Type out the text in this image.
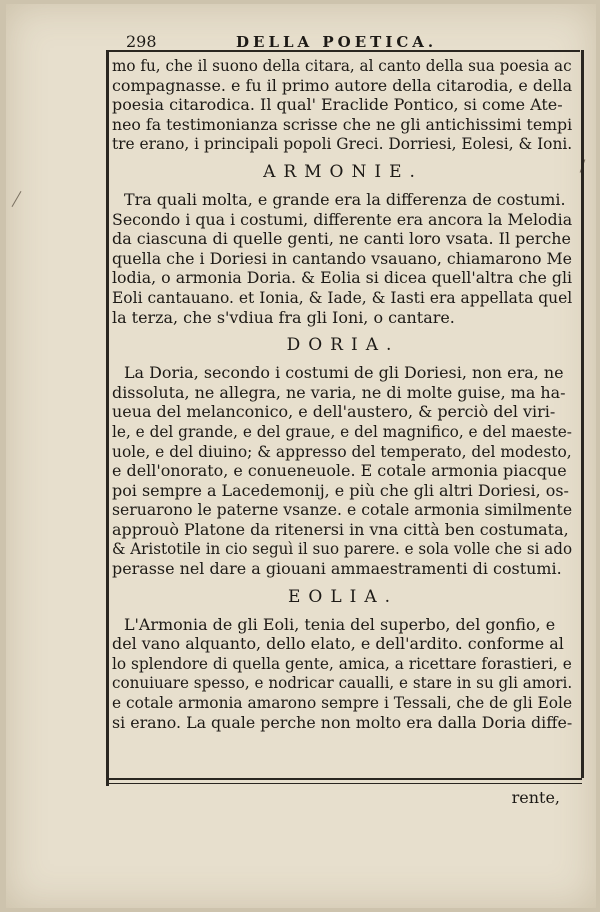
298	DELLA POETICA.
mo fu, che il suono della citara, al canto della sua poesia ac
compagnasse. e fu il primo autore della citarodia, e della
poesia citarodica. Il qual' Eraclide Pontico, si come Ate-
neo fa testimonianza scrisse che ne gli antichissimi tempi
tre erano, i principali popoli Greci. Dorriesi, Eolesi, & Ioni.
ARMONIE.
Tra quali molta, e grande era la differenza de costumi.
Secondo i qua i costumi, differente era ancora la Melodia
da ciascuna di quelle genti, ne canti loro vsata. Il perche
quella che i Doriesi in cantando vsauano, chiamarono Me
lodia, o armonia Doria. & Eolia si dicea quell'altra che gli
Eoli cantauano. et Ionia, & Iade, & Iasti era appellata quel
la terza, che s'vdiua fra gli Ioni, o cantare.
DORIA.
La Doria, secondo i costumi de gli Doriesi, non era, ne
dissoluta, ne allegra, ne varia, ne di molte guise, ma ha-
ueua del melanconico, e dell'austero, & perciò del viri-
le, e del grande, e del graue, e del magnifico, e del maeste-
uole, e del diuino; & appresso del temperato, del modesto,
e dell'onorato, e conueneuole. E cotale armonia piacque
poi sempre a Lacedemonij, e più che gli altri Doriesi, os-
seruarono le paterne vsanze. e cotale armonia similmente
approuò Platone da ritenersi in vna città ben costumata,
& Aristotile in cio seguì il suo parere. e sola volle che si ado
perasse nel dare a giouani ammaestramenti di costumi.
EOLIA.
L'Armonia de gli Eoli, tenia del superbo, del gonfio, e
del vano alquanto, dello elato, e dell'ardito. conforme al
lo splendore di quella gente, amica, a ricettare forastieri, e
conuiuare spesso, e nodricar caualli, e stare in su gli amori.
e cotale armonia amarono sempre i Tessali, che de gli Eole
si erano. La quale perche non molto era dalla Doria diffe-
rente,
